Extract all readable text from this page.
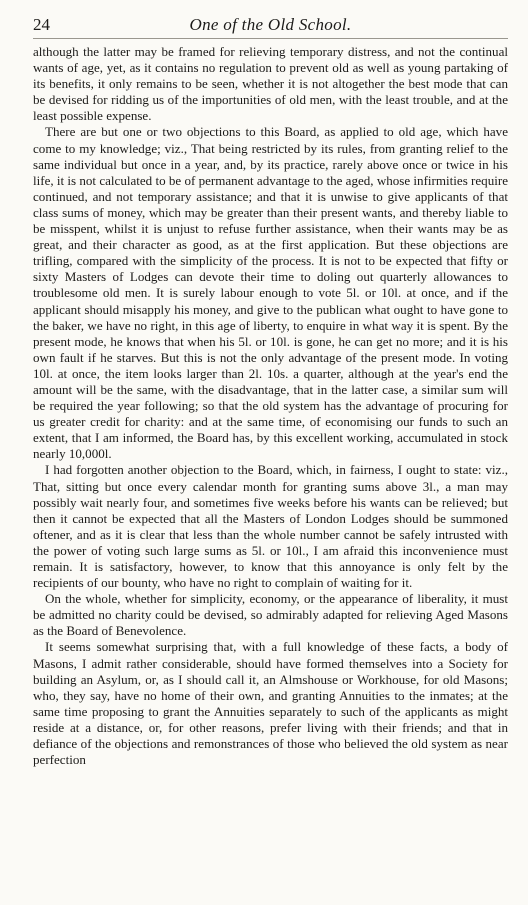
24	One of the Old School.

although the latter may be framed for relieving temporary distress, and not the continual wants of age, yet, as it contains no regulation to prevent old as well as young partaking of its benefits, it only remains to be seen, whether it is not altogether the best mode that can be devised for ridding us of the importunities of old men, with the least trouble, and at the least possible expense.

There are but one or two objections to this Board, as applied to old age, which have come to my knowledge; viz., That being restricted by its rules, from granting relief to the same individual but once in a year, and, by its practice, rarely above once or twice in his life, it is not calculated to be of permanent advantage to the aged, whose infirmities require continued, and not temporary assistance; and that it is unwise to give applicants of that class sums of money, which may be greater than their present wants, and thereby liable to be misspent, whilst it is unjust to refuse further assistance, when their wants may be as great, and their character as good, as at the first application. But these objections are trifling, compared with the simplicity of the process. It is not to be expected that fifty or sixty Masters of Lodges can devote their time to doling out quarterly allowances to troublesome old men. It is surely labour enough to vote 5l. or 10l. at once, and if the applicant should misapply his money, and give to the publican what ought to have gone to the baker, we have no right, in this age of liberty, to enquire in what way it is spent. By the present mode, he knows that when his 5l. or 10l. is gone, he can get no more; and it is his own fault if he starves. But this is not the only advantage of the present mode. In voting 10l. at once, the item looks larger than 2l. 10s. a quarter, although at the year's end the amount will be the same, with the disadvantage, that in the latter case, a similar sum will be required the year following; so that the old system has the advantage of procuring for us greater credit for charity: and at the same time, of economising our funds to such an extent, that I am informed, the Board has, by this excellent working, accumulated in stock nearly 10,000l.

I had forgotten another objection to the Board, which, in fairness, I ought to state: viz., That, sitting but once every calendar month for granting sums above 3l., a man may possibly wait nearly four, and sometimes five weeks before his wants can be relieved; but then it cannot be expected that all the Masters of London Lodges should be summoned oftener, and as it is clear that less than the whole number cannot be safely intrusted with the power of voting such large sums as 5l. or 10l., I am afraid this inconvenience must remain. It is satisfactory, however, to know that this annoyance is only felt by the recipients of our bounty, who have no right to complain of waiting for it.

On the whole, whether for simplicity, economy, or the appearance of liberality, it must be admitted no charity could be devised, so admirably adapted for relieving Aged Masons as the Board of Benevolence.

It seems somewhat surprising that, with a full knowledge of these facts, a body of Masons, I admit rather considerable, should have formed themselves into a Society for building an Asylum, or, as I should call it, an Almshouse or Workhouse, for old Masons; who, they say, have no home of their own, and granting Annuities to the inmates; at the same time proposing to grant the Annuities separately to such of the applicants as might reside at a distance, or, for other reasons, prefer living with their friends; and that in defiance of the objections and remonstrances of those who believed the old system as near perfection
